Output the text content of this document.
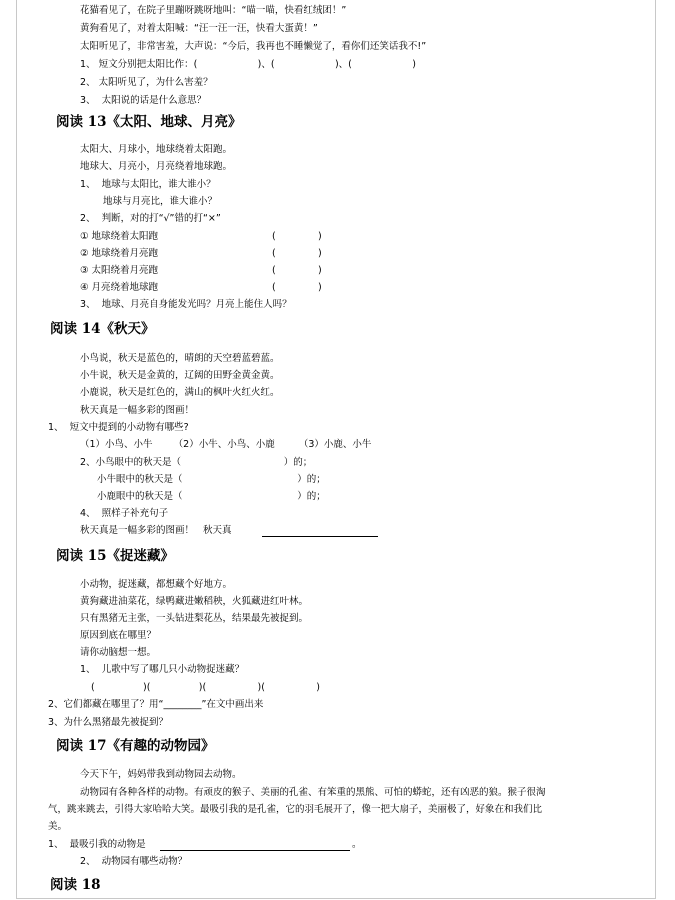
花猫看见了，在院子里蹦呀跳呀地叫：“喵一喵，快看红绒团！”
黄狗看见了，对着太阳喊：“汪一汪一汪，快看大蛋黄！”
太阳听见了，非常害羞，大声说：“今后，我再也不睡懒觉了，看你们还笑话我不!”
1、 短文分别把太阳比作：(                    )、(                    )、(                    )
2、 太阳听见了，为什么害羞？
3、  太阳说的话是什么意思？
阅读 13《太阳、地球、月亮》
太阳大、月球小，地球绕着太阳跑。
地球大、月亮小，月亮绕着地球跑。
1、  地球与太阳比，谁大谁小？
地球与月亮比，谁大谁小？
2、  判断，对的打“√”错的打“×”
① 地球绕着太阳跑	(              )
② 地球绕着月亮跑	(              )
③ 太阳绕着月亮跑	(              )
④ 月亮绕着地球跑	(              )
3、  地球、月亮自身能发光吗？月亮上能住人吗？
阅读 14《秋天》
小鸟说，秋天是蓝色的，晴朗的天空碧蓝碧蓝。
小牛说，秋天是金黄的，辽阔的田野金黄金黄。
小鹿说，秋天是红色的，满山的枫叶火红火红。
秋天真是一幅多彩的图画！
1、  短文中提到的小动物有哪些?
（1）小鸟、小牛       （2）小牛、小鸟、小鹿        （3）小鹿、小牛
2、小鸟眼中的秋天是（                                  ）的；
小牛眼中的秋天是（                                      ）的；
小鹿眼中的秋天是（                                      ）的；
4、  照样子补充句子
秋天真是一幅多彩的图画！   秋天真
阅读 15《捉迷藏》
小动物，捉迷藏，都想藏个好地方。
黄狗藏进油菜花，绿鸭藏进嫩稻秧，火狐藏进红叶林。
只有黑猪无主张，一头钻进梨花丛，结果最先被捉到。
原因到底在哪里？
请你动脑想一想。
1、  儿歌中写了哪几只小动物捉迷藏？
(                )(                )(                 )(                 )
2、它们都藏在哪里了？用“________”在文中画出来
3、为什么黑猪最先被捉到？
阅读 17《有趣的动物园》
今天下午，妈妈带我到动物园去动物。
动物园有各种各样的动物。有顽皮的猴子、美丽的孔雀、有笨重的黑熊、可怕的蟒蛇，还有凶恶的狼。猴子很淘
气，跳来跳去，引得大家哈哈大笑。最吸引我的是孔雀，它的羽毛展开了，像一把大扇子，美丽极了，好象在和我们比
美。
1、  最吸引我的动物是	。
2、  动物园有哪些动物？
阅读 18
